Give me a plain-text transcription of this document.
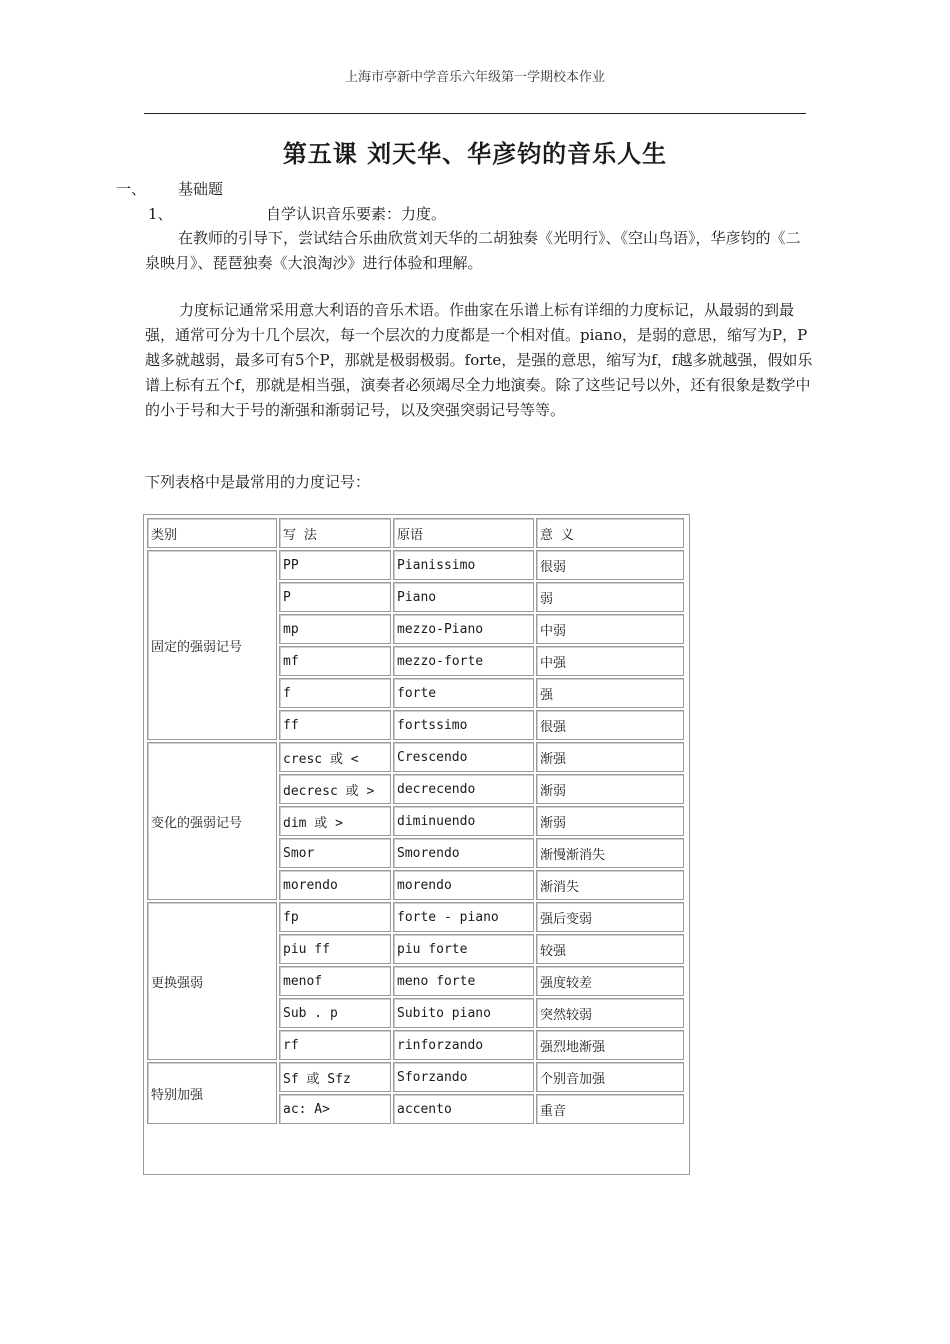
上海市亭新中学音乐六年级第一学期校本作业
第五课 刘天华、华彦钧的音乐人生
一、 基础题
1、	自学认识音乐要素：力度。
在教师的引导下，尝试结合乐曲欣赏刘天华的二胡独奏《光明行》、《空山鸟语》，华彦钧的《二泉映月》、琵琶独奏《大浪淘沙》进行体验和理解。
力度标记通常采用意大利语的音乐术语。作曲家在乐谱上标有详细的力度标记，从最弱的到最强，通常可分为十几个层次，每一个层次的力度都是一个相对值。piano，是弱的意思，缩写为P，P越多就越弱，最多可有5个P，那就是极弱极弱。forte，是强的意思，缩写为f，f越多就越强，假如乐谱上标有五个f，那就是相当强，演奏者必须竭尽全力地演奏。除了这些记号以外，还有很象是数学中的小于号和大于号的渐强和渐弱记号，以及突强突弱记号等等。
下列表格中是最常用的力度记号：
类别	写 法	原语	意 义
固定的强弱记号	PP	Pianissimo	很弱
	P	Piano	弱
	mp	mezzo-Piano	中弱
	mf	mezzo-forte	中强
	f	forte	强
	ff	fortssimo	很强
变化的强弱记号	cresc 或 <	Crescendo	渐强
	decresc 或 >	decrecendo	渐弱
	dim 或 >	diminuendo	渐弱
	Smor	Smorendo	渐慢渐消失
	morendo	morendo	渐消失
更换强弱	fp	forte - piano	强后变弱
	piu ff	piu forte	较强
	menof	meno forte	强度较差
	Sub . p	Subito piano	突然较弱
	rf	rinforzando	强烈地渐强
特别加强	Sf 或 Sfz	Sforzando	个别音加强
	ac: A>	accento	重音
